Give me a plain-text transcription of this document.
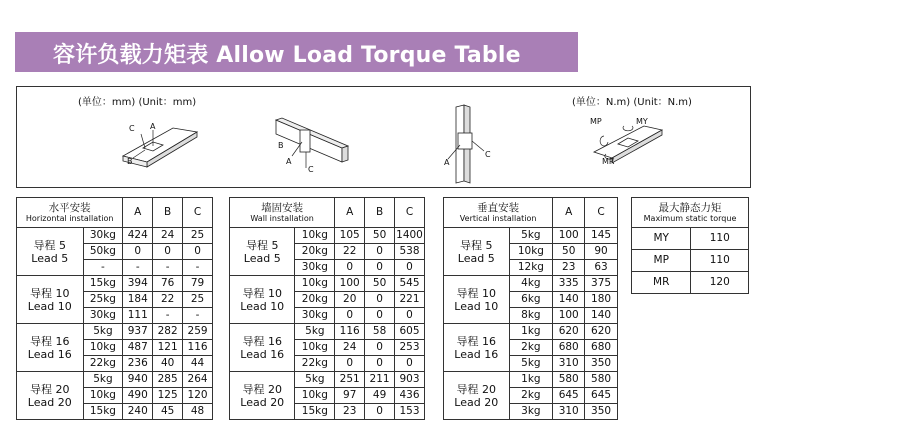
容许负载力矩表 Allow Load Torque Table
(单位：mm) (Unit：mm)	(单位：N.m) (Unit：N.m)
C A
B
B
A
C
A
C
MP	MY
MR
水平安装
Horizontal installation		A	B	C

导程 5
Lead 5	30kg	424	24	25
	50kg	0	0	0
	-	-	-	-

导程 10
Lead 10	15kg	394	76	79
	25kg	184	22	25
	30kg	111	-	-

导程 16
Lead 16	5kg	937	282	259
	10kg	487	121	116
	22kg	236	40	44

导程 20
Lead 20	5kg	940	285	264
	10kg	490	125	120
	15kg	240	45	48
墙固安装
Wall installation		A	B	C

导程 5
Lead 5	10kg	105	50	1400
	20kg	22	0	538
	30kg	0	0	0

导程 10
Lead 10	10kg	100	50	545
	20kg	20	0	221
	30kg	0	0	0

导程 16
Lead 16	5kg	116	58	605
	10kg	24	0	253
	22kg	0	0	0

导程 20
Lead 20	5kg	251	211	903
	10kg	97	49	436
	15kg	23	0	153
垂直安装
Vertical installation		A	C

导程 5
Lead 5	5kg	100	145
	10kg	50	90
	12kg	23	63

导程 10
Lead 10	4kg	335	375
	6kg	140	180
	8kg	100	140

导程 16
Lead 16	1kg	620	620
	2kg	680	680
	5kg	310	350

导程 20
Lead 20	1kg	580	580
	2kg	645	645
	3kg	310	350
最大静态力矩
Maximum static torque	

MY	110
MP	110
MR	120
